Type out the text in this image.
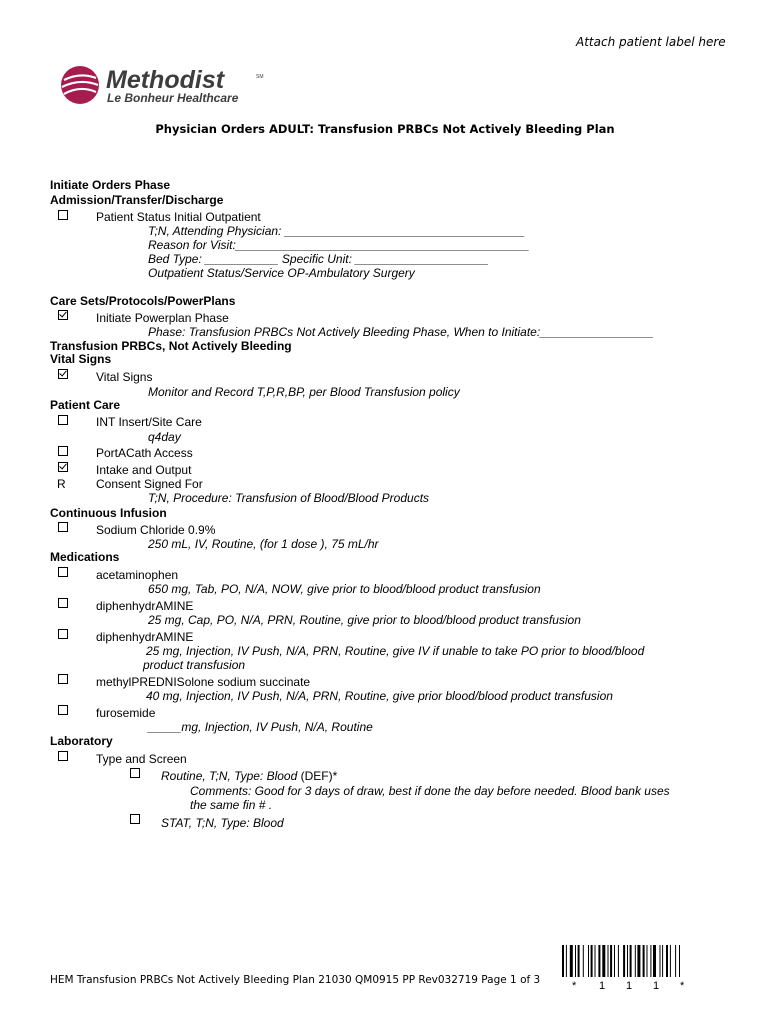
Attach patient label here
Methodist	SM
Le Bonheur Healthcare
Physician Orders ADULT: Transfusion PRBCs Not Actively Bleeding Plan
Initiate Orders Phase
Admission/Transfer/Discharge
Patient Status Initial Outpatient
T;N, Attending Physician: ____________________________________
Reason for Visit:____________________________________________
Bed Type: ___________ Specific Unit: ____________________
Outpatient Status/Service OP-Ambulatory Surgery
Care Sets/Protocols/PowerPlans
Initiate Powerplan Phase
Phase: Transfusion PRBCs Not Actively Bleeding Phase, When to Initiate:_________________
Transfusion PRBCs, Not Actively Bleeding
Vital Signs
Vital Signs
Monitor and Record T,P,R,BP, per Blood Transfusion policy
Patient Care
INT Insert/Site Care
q4day
PortACath Access
Intake and Output
R	Consent Signed For
T;N, Procedure: Transfusion of Blood/Blood Products
Continuous Infusion
Sodium Chloride 0.9%
250 mL, IV, Routine, (for 1 dose ), 75 mL/hr
Medications
acetaminophen
650 mg, Tab, PO, N/A, NOW, give prior to blood/blood product transfusion
diphenhydrAMINE
25 mg, Cap, PO, N/A, PRN, Routine, give prior to blood/blood product transfusion
diphenhydrAMINE
25 mg, Injection, IV Push, N/A, PRN, Routine, give IV if unable to take PO prior to blood/blood
product transfusion
methylPREDNISolone sodium succinate
40 mg, Injection, IV Push, N/A, PRN, Routine, give prior blood/blood product transfusion
furosemide
_____mg, Injection, IV Push, N/A, Routine
Laboratory
Type and Screen
Routine, T;N, Type: Blood (DEF)*
Comments: Good for 3 days of draw, best if done the day before needed. Blood bank uses
the same fin # .
STAT, T;N, Type: Blood
HEM Transfusion PRBCs Not Actively Bleeding Plan 21030 QM0915 PP Rev032719 Page 1 of 3	* 1 1 1 *
